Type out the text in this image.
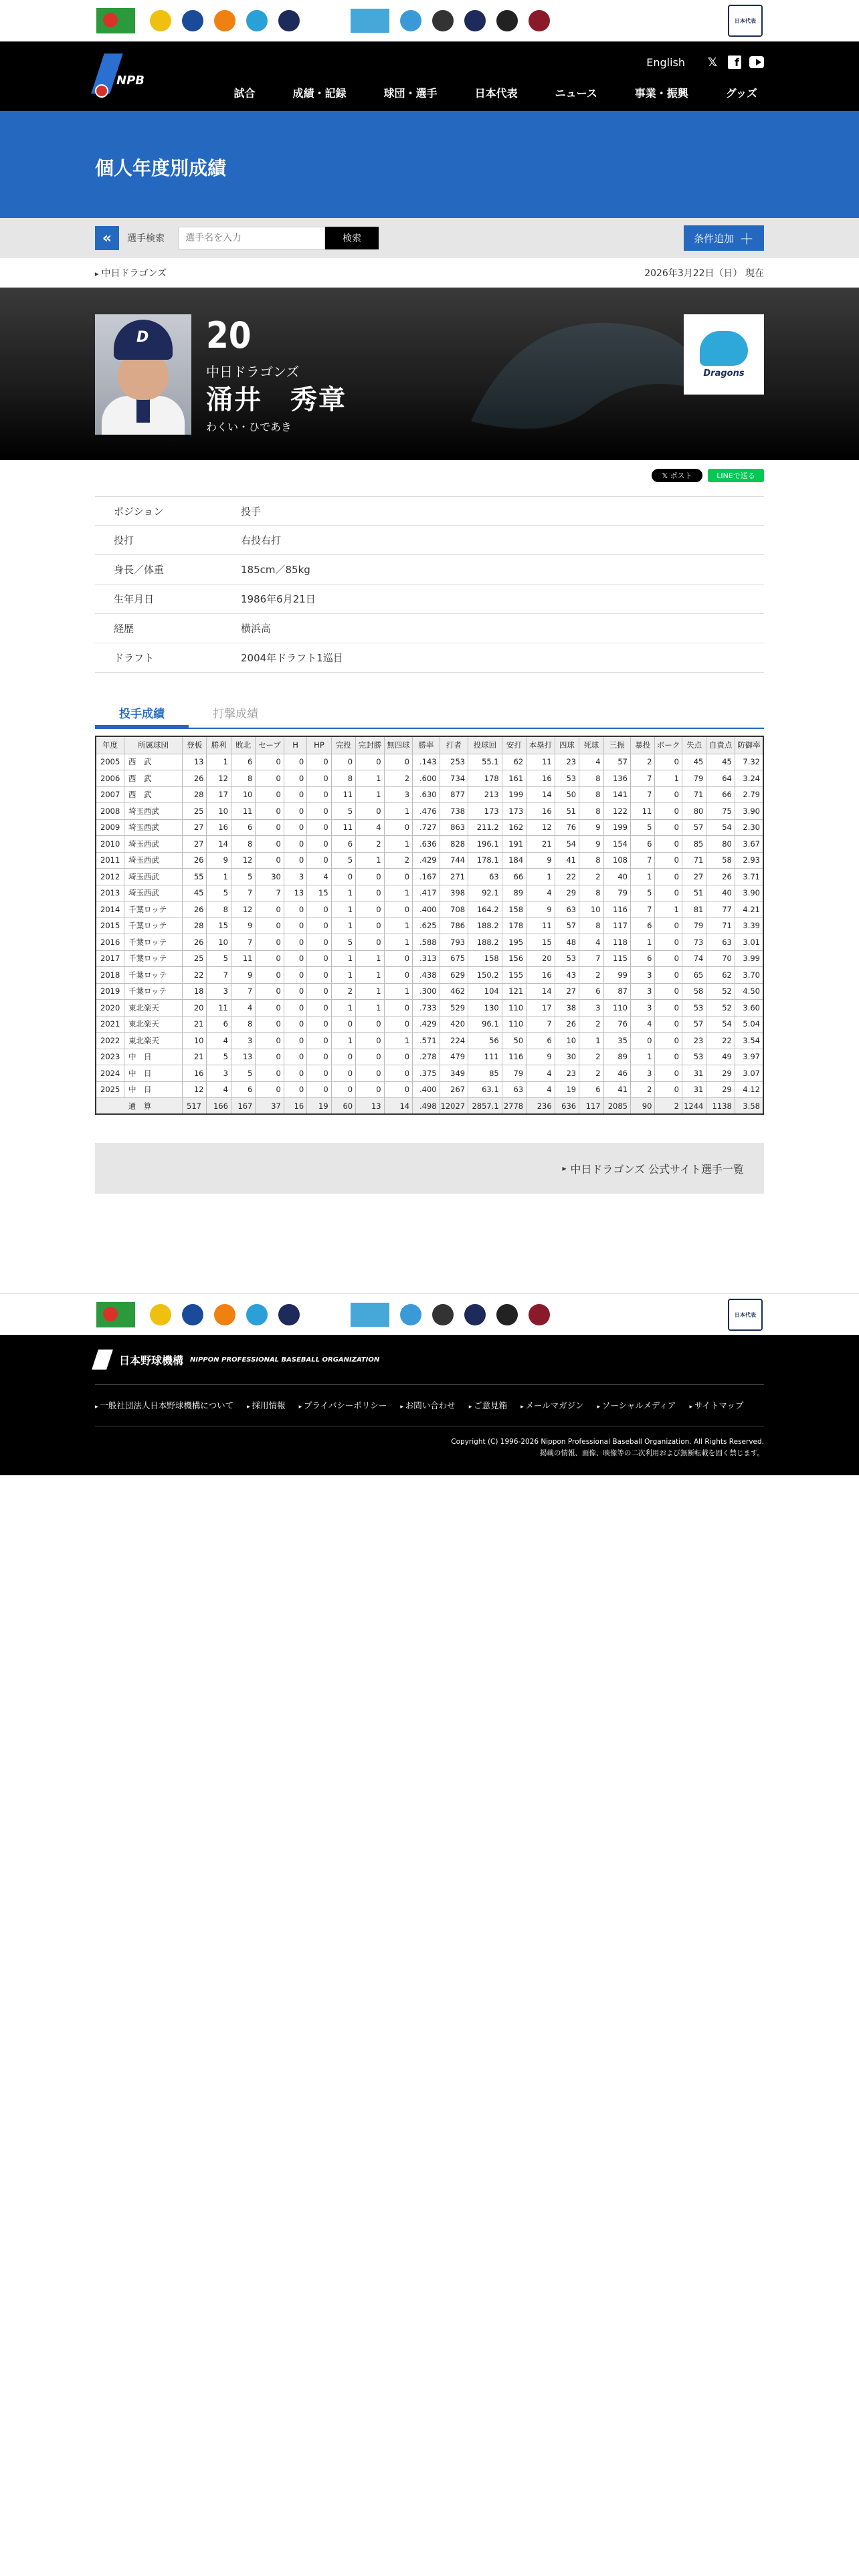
日本代表
NPB
English 𝕏	f
試合	成績・記録	球団・選手	日本代表	ニュース	事業・振興	グッズ
個人年度別成績
«	選手検索
選手名を入力	検索	条件追加 ＋
▸ 中日ドラゴンズ	2026年3月22日（日） 現在
D
20
中日ドラゴンズ
涌井　秀章
わくい・ひであき
Dragons
𝕏 ポスト	LINEで送る
ポジション	投手
投打	右投右打
身長／体重	185cm／85kg
生年月日	1986年6月21日
経歴	横浜高
ドラフト	2004年ドラフト1巡目
投手成績	打撃成績
年度	所属球団	登板	勝利	敗北	セーブ	H	HP	完投	完封勝	無四球	勝率	打者	投球回	安打	本塁打	四球	死球	三振	暴投	ボーク	失点	自責点	防御率
2005	西　武	13	1	6	0	0	0	0	0	0	.143	253	55.1	62	11	23	4	57	2	0	45	45	7.32
2006	西　武	26	12	8	0	0	0	8	1	2	.600	734	178	161	16	53	8	136	7	1	79	64	3.24
2007	西　武	28	17	10	0	0	0	11	1	3	.630	877	213	199	14	50	8	141	7	0	71	66	2.79
2008	埼玉西武	25	10	11	0	0	0	5	0	1	.476	738	173	173	16	51	8	122	11	0	80	75	3.90
2009	埼玉西武	27	16	6	0	0	0	11	4	0	.727	863	211.2	162	12	76	9	199	5	0	57	54	2.30
2010	埼玉西武	27	14	8	0	0	0	6	2	1	.636	828	196.1	191	21	54	9	154	6	0	85	80	3.67
2011	埼玉西武	26	9	12	0	0	0	5	1	2	.429	744	178.1	184	9	41	8	108	7	0	71	58	2.93
2012	埼玉西武	55	1	5	30	3	4	0	0	0	.167	271	63	66	1	22	2	40	1	0	27	26	3.71
2013	埼玉西武	45	5	7	7	13	15	1	0	1	.417	398	92.1	89	4	29	8	79	5	0	51	40	3.90
2014	千葉ロッテ	26	8	12	0	0	0	1	0	0	.400	708	164.2	158	9	63	10	116	7	1	81	77	4.21
2015	千葉ロッテ	28	15	9	0	0	0	1	0	1	.625	786	188.2	178	11	57	8	117	6	0	79	71	3.39
2016	千葉ロッテ	26	10	7	0	0	0	5	0	1	.588	793	188.2	195	15	48	4	118	1	0	73	63	3.01
2017	千葉ロッテ	25	5	11	0	0	0	1	1	0	.313	675	158	156	20	53	7	115	6	0	74	70	3.99
2018	千葉ロッテ	22	7	9	0	0	0	1	1	0	.438	629	150.2	155	16	43	2	99	3	0	65	62	3.70
2019	千葉ロッテ	18	3	7	0	0	0	2	1	1	.300	462	104	121	14	27	6	87	3	0	58	52	4.50
2020	東北楽天	20	11	4	0	0	0	1	1	0	.733	529	130	110	17	38	3	110	3	0	53	52	3.60
2021	東北楽天	21	6	8	0	0	0	0	0	0	.429	420	96.1	110	7	26	2	76	4	0	57	54	5.04
2022	東北楽天	10	4	3	0	0	0	1	0	1	.571	224	56	50	6	10	1	35	0	0	23	22	3.54
2023	中　日	21	5	13	0	0	0	0	0	0	.278	479	111	116	9	30	2	89	1	0	53	49	3.97
2024	中　日	16	3	5	0	0	0	0	0	0	.375	349	85	79	4	23	2	46	3	0	31	29	3.07
2025	中　日	12	4	6	0	0	0	0	0	0	.400	267	63.1	63	4	19	6	41	2	0	31	29	4.12
通　算		517	166	167	37	16	19	60	13	14	.498	12027	2857.1	2778	236	636	117	2085	90	2	1244	1138	3.58
▸ 中日ドラゴンズ 公式サイト選手一覧
日本代表
日本野球機構 NIPPON PROFESSIONAL BASEBALL ORGANIZATION
▸ 一般社団法人日本野球機構について	▸ 採用情報	▸ プライバシーポリシー	▸ お問い合わせ	▸ ご意見箱	▸ メールマガジン	▸ ソーシャルメディア	▸ サイトマップ
Copyright (C) 1996-2026 Nippon Professional Baseball Organization. All Rights Reserved.
掲載の情報、画像、映像等の二次利用および無断転載を固く禁じます。
